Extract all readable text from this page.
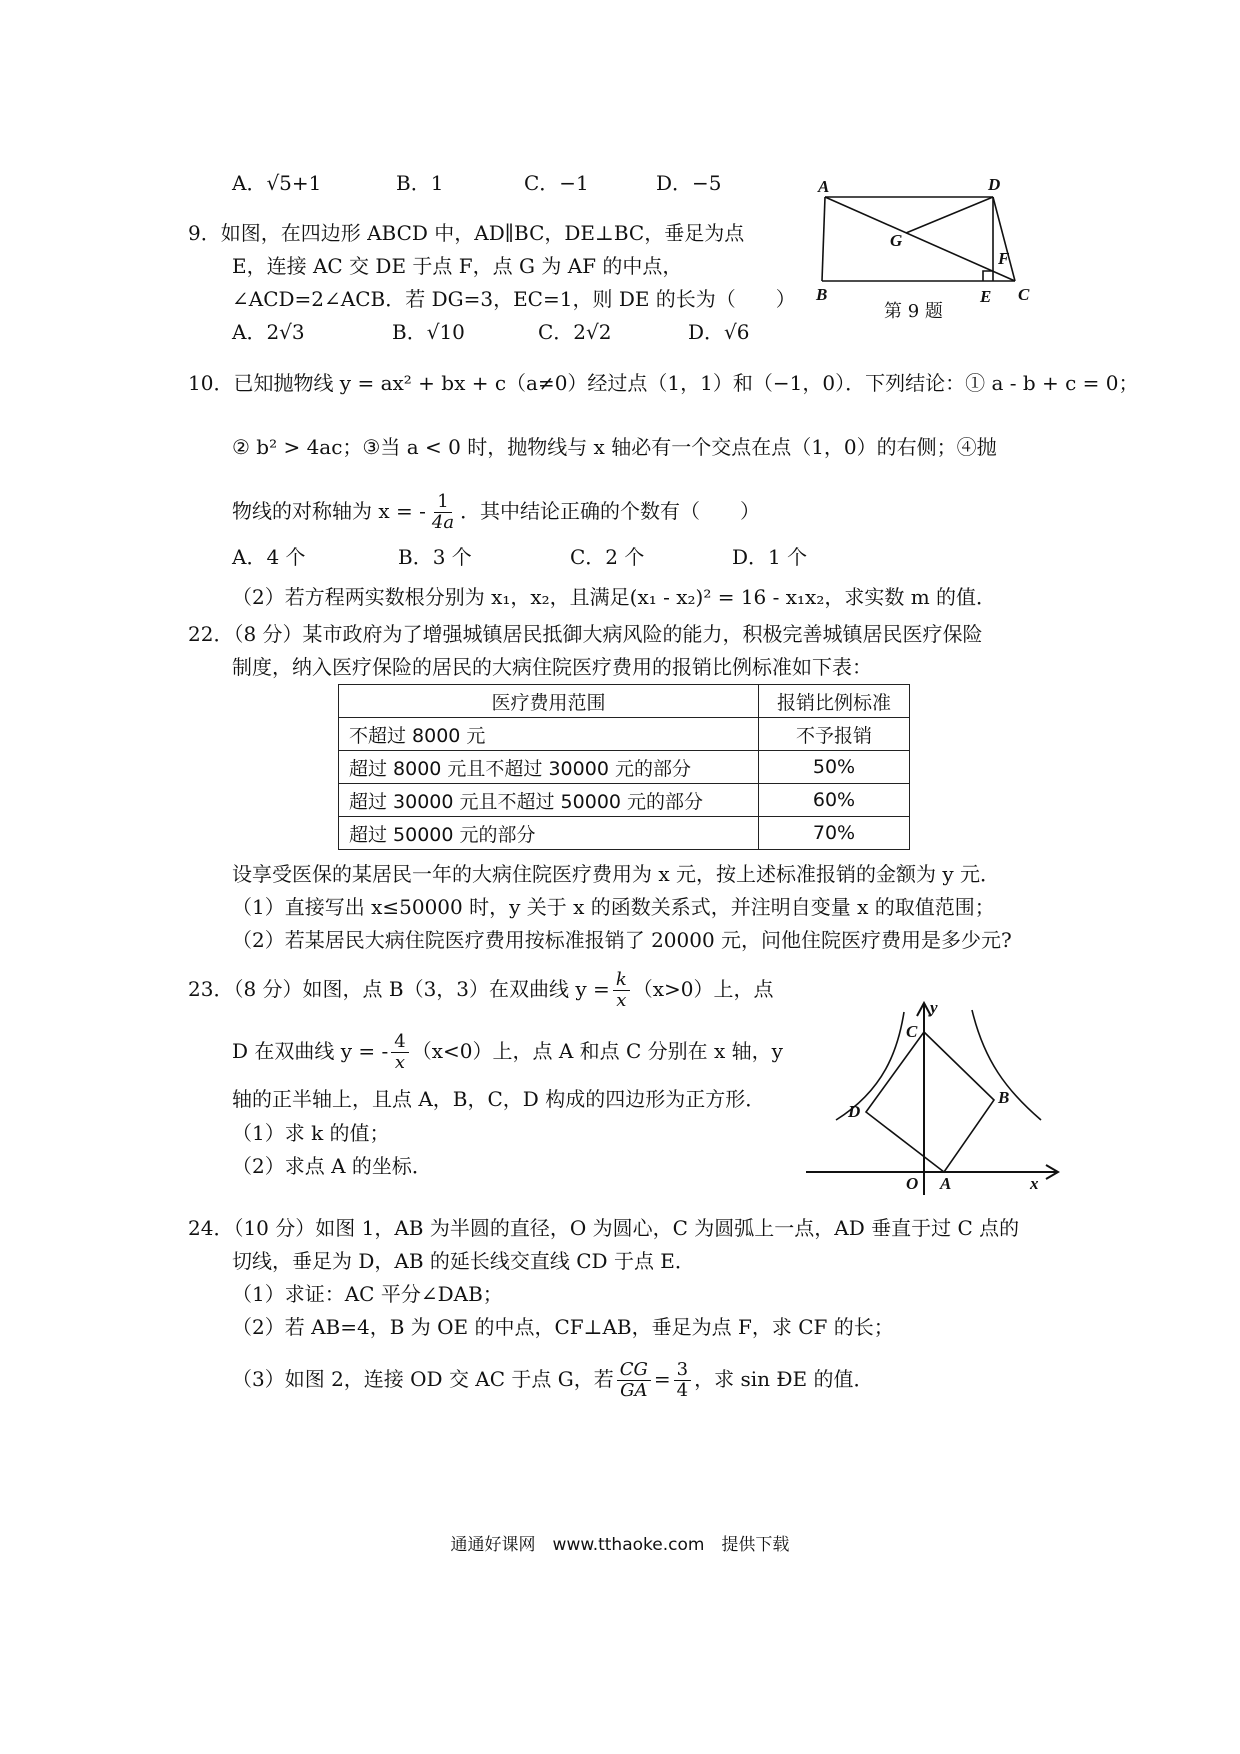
A．√5+1	B．1	C．−1	D．−5
9．如图，在四边形 ABCD 中，AD∥BC，DE⊥BC，垂足为点
E，连接 AC 交 DE 于点 F，点 G 为 AF 的中点，
∠ACD=2∠ACB．若 DG=3，EC=1，则 DE 的长为（　　）
A．2√3	B．√10	C．2√2	D．√6
A	D
G
F
B	E C
第 9 题
10．已知抛物线 y = ax² + bx + c（a≠0）经过点（1，1）和（−1，0）．下列结论：① a - b + c = 0；
② b² > 4ac；③当 a < 0 时，抛物线与 x 轴必有一个交点在点（1，0）的右侧；④抛
物线的对称轴为 x = - $\frac{1}{4a}$ ．其中结论正确的个数有（　　）
A．4 个	B．3 个	C．2 个	D．1 个
（2）若方程两实数根分别为 x₁，x₂，且满足(x₁ - x₂)² = 16 - x₁x₂，求实数 m 的值．
22．（8 分）某市政府为了增强城镇居民抵御大病风险的能力，积极完善城镇居民医疗保险
制度，纳入医疗保险的居民的大病住院医疗费用的报销比例标准如下表：
医疗费用范围	报销比例标准
不超过 8000 元	不予报销
超过 8000 元且不超过 30000 元的部分	50%
超过 30000 元且不超过 50000 元的部分	60%
超过 50000 元的部分	70%
设享受医保的某居民一年的大病住院医疗费用为 x 元，按上述标准报销的金额为 y 元．
（1）直接写出 x≤50000 时，y 关于 x 的函数关系式，并注明自变量 x 的取值范围；
（2）若某居民大病住院医疗费用按标准报销了 20000 元，问他住院医疗费用是多少元?
23．（8 分）如图，点 B（3，3）在双曲线 $y = \frac{k}{x} (x>0)$上，点
D 在双曲线 y = - $\frac{4}{x} (x<0)$上，点 A 和点 C 分别在 x 轴，y
轴的正半轴上，且点 A，B，C，D 构成的四边形为正方形．
（1）求 k 的值；
（2）求点 A 的坐标．
y
x
C
B
D
O A
24．（10 分）如图 1，AB 为半圆的直径，O 为圆心，C 为圆弧上一点，AD 垂直于过 C 点的
切线，垂足为 D，AB 的延长线交直线 CD 于点 E．
（1）求证：AC 平分∠DAB；
（2）若 AB=4，B 为 OE 的中点，CF⊥AB，垂足为点 F，求 CF 的长；
（3）如图 2，连接 OD 交 AC 于点 G，若 $\frac{CG}{GA} = \frac{3}{4}$ ，求 sin ÐE 的值．
通通好课网　www.tthaoke.com　提供下载
